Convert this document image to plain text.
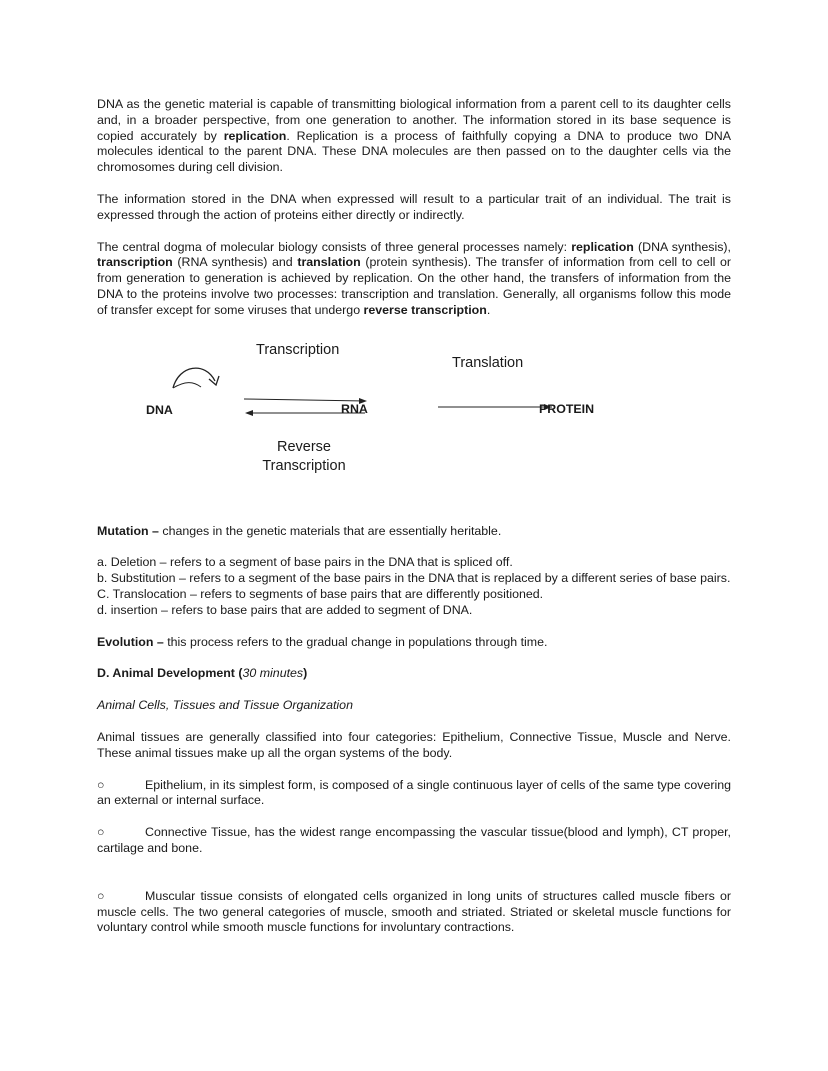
DNA as the genetic material is capable of transmitting biological information from a parent cell to its daughter cells and, in a broader perspective, from one generation to another. The information stored in its base sequence is copied accurately by replication. Replication is a process of faithfully copying a DNA to produce two DNA molecules identical to the parent DNA. These DNA molecules are then passed on to the daughter cells via the chromosomes during cell division.

The information stored in the DNA when expressed will result to a particular trait of an individual. The trait is expressed through the action of proteins either directly or indirectly.

The central dogma of molecular biology consists of three general processes namely: replication (DNA synthesis), transcription (RNA synthesis) and translation (protein synthesis). The transfer of information from cell to cell or from generation to generation is achieved by replication. On the other hand, the transfers of information from the DNA to the proteins involve two processes: transcription and translation. Generally, all organisms follow this mode of transfer except for some viruses that undergo reverse transcription.

Transcription
Translation
DNA	RNA	PROTEIN
Reverse
Transcription

Mutation – changes in the genetic materials that are essentially heritable.

a. Deletion – refers to a segment of base pairs in the DNA that is spliced off.

b. Substitution – refers to a segment of the base pairs in the DNA that is replaced by a different series of base pairs.

C. Translocation – refers to segments of base pairs that are differently positioned.

d. insertion – refers to base pairs that are added to segment of DNA.

Evolution – this process refers to the gradual change in populations through time.

D. Animal Development (30 minutes)

Animal Cells, Tissues and Tissue Organization

Animal tissues are generally classified into four categories: Epithelium, Connective Tissue, Muscle and Nerve. These animal tissues make up all the organ systems of the body.

○	Epithelium, in its simplest form, is composed of a single continuous layer of cells of the same type covering an external or internal surface.

○	Connective Tissue, has the widest range encompassing the vascular tissue(blood and lymph), CT proper, cartilage and bone.

○	Muscular tissue consists of elongated cells organized in long units of structures called muscle fibers or muscle cells. The two general categories of muscle, smooth and striated. Striated or skeletal muscle functions for voluntary control while smooth muscle functions for involuntary contractions.
